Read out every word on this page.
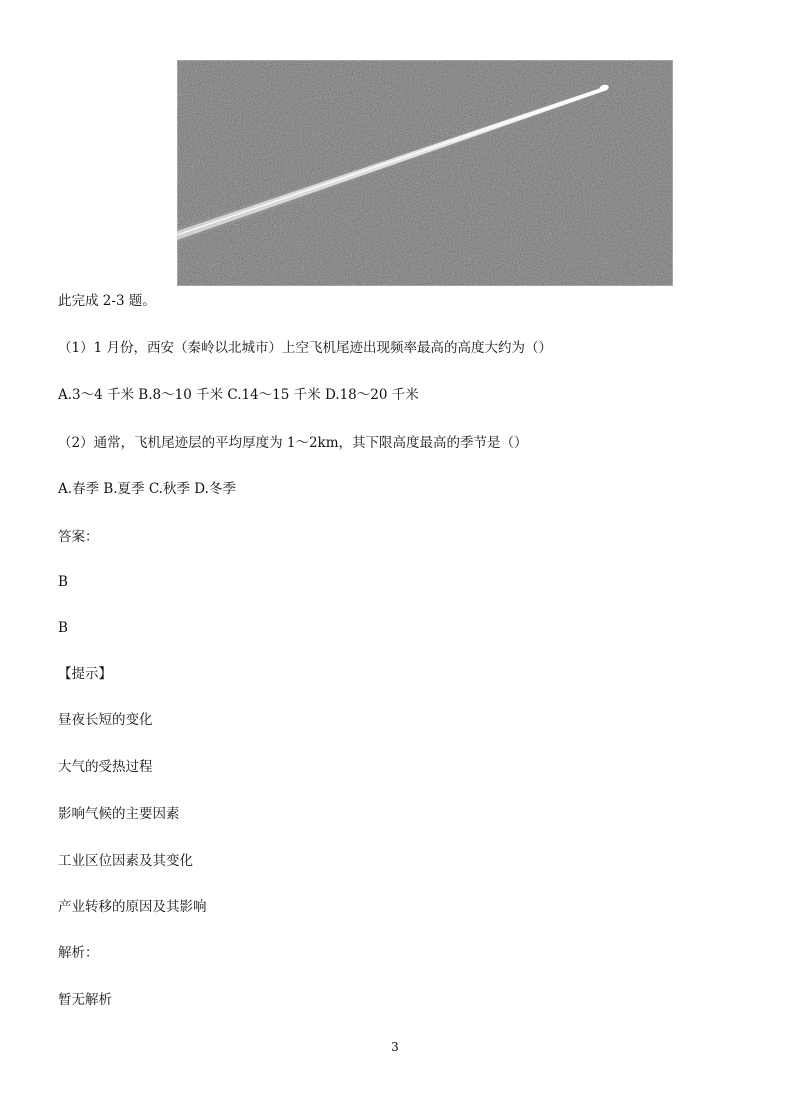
此完成 2-3 题。
（1）1 月份，西安（秦岭以北城市）上空飞机尾迹出现频率最高的高度大约为（）
A.3～4 千米 B.8～10 千米 C.14～15 千米 D.18～20 千米
（2）通常，飞机尾迹层的平均厚度为 1～2km，其下限高度最高的季节是（）
A.春季 B.夏季 C.秋季 D.冬季
答案：
B
B
【提示】
昼夜长短的变化
大气的受热过程
影响气候的主要因素
工业区位因素及其变化
产业转移的原因及其影响
解析：
暂无解析
3
